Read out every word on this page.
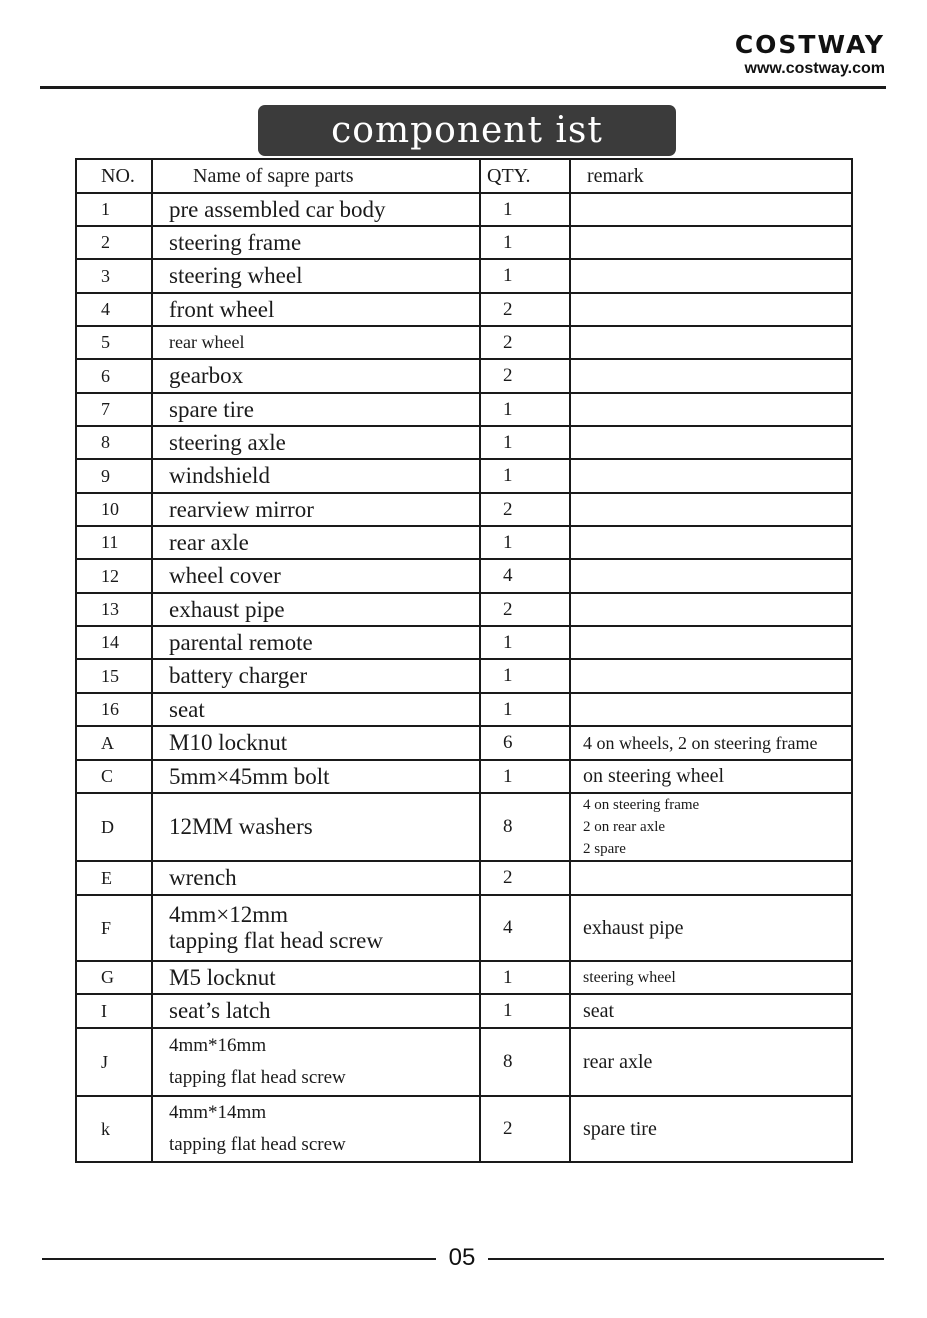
COSTWAY
www.costway.com
component ist
NO.	Name of sapre parts	QTY.	remark
1	pre assembled car body	1	
2	steering frame	1	
3	steering wheel	1	
4	front wheel	2	
5	rear wheel	2	
6	gearbox	2	
7	spare tire	1	
8	steering axle	1	
9	windshield	1	
10	rearview mirror	2	
11	rear axle	1	
12	wheel cover	4	
13	exhaust pipe	2	
14	parental remote	1	
15	battery charger	1	
16	seat	1	
A	M10 locknut	6	4 on wheels, 2 on steering frame

C	5mm×45mm bolt	1	on steering wheel

D	12MM washers	8	4 on steering frame
2 on rear axle
2 spare

E	wrench	2	
F	4mm×12mm
tapping flat head screw	4	exhaust pipe

G	M5 locknut	1	steering wheel

I	seat’s latch	1	seat

J	4mm*16mm
tapping flat head screw	8	rear axle

k	4mm*14mm
tapping flat head screw	2	spare tire
05
